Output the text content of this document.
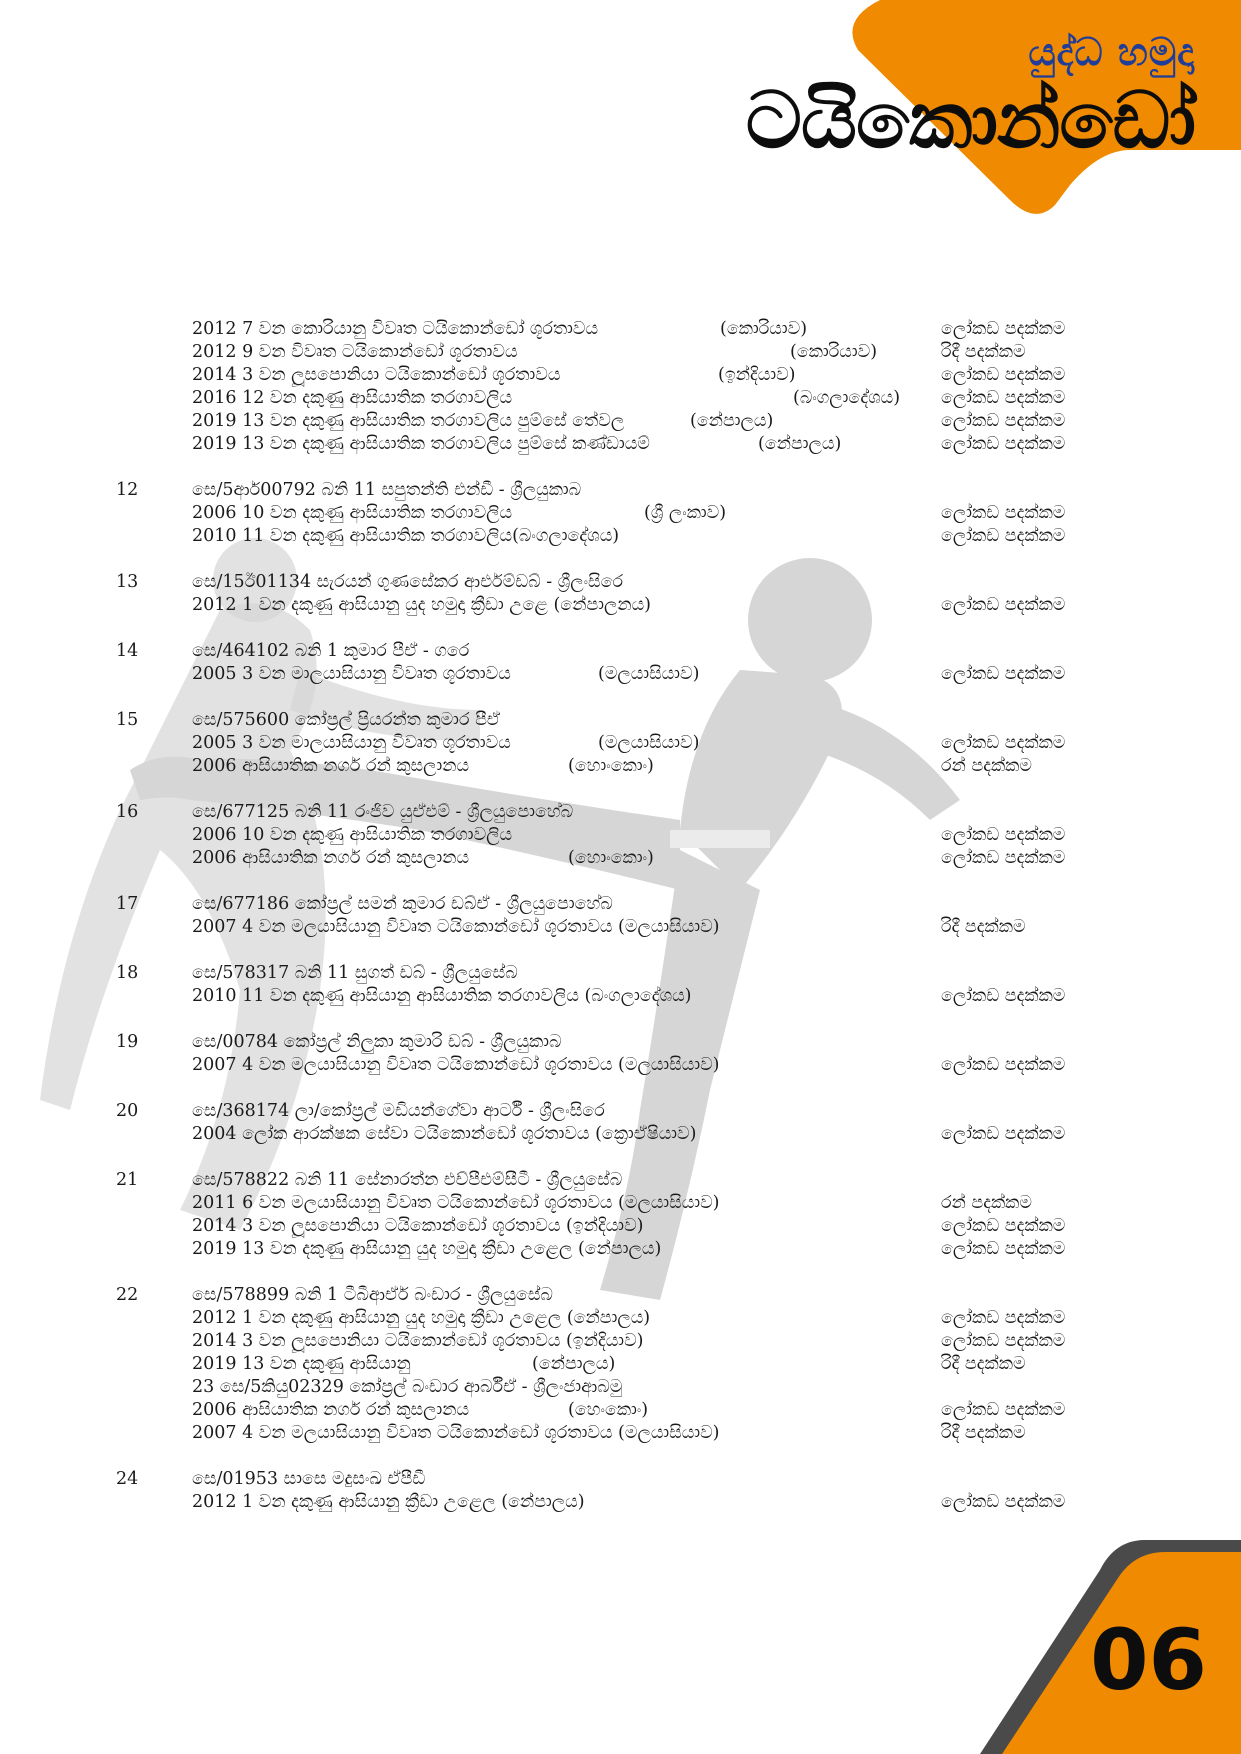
යුද්ධ හමුදා
ටයිකොන්ඩෝ
2012 7 වන කොරියානු විවෘත ටයිකොන්ඩෝ ශූරතාවය	(කොරියාව)	ලෝකඩ පදක්කම
2012 9 වන විවෘත ටයිකොන්ඩෝ ශූරතාවය	(කොරියාව)	රිදී පදක්කම
2014 3 වන ලූසපොනියා ටයිකොන්ඩෝ ශූරතාවය	(ඉන්දියාව)	ලෝකඩ පදක්කම
2016 12 වන දකුණු ආසියාතික තරගාවලිය	(බංගලාදේශය) ලෝකඩ පදක්කම
2019 13 වන දකුණු ආසියාතික තරගාවලිය පුම්සේ තේවල	(නේපාලය)	ලෝකඩ පදක්කම
2019 13 වන දකුණු ආසියාතික තරගාවලිය පුම්සේ කණ්ඩායම්	(නේපාලය)	ලෝකඩ පදක්කම
12	සෙ/5ආර්00792 බනි 11 සපුතන්ති එන්ඩී - ශ්‍රීලයුකාබ
2006 10 වන දකුණු ආසියාතික තරගාවලිය	(ශ්‍රී ලංකාව)	ලෝකඩ පදක්කම
2010 11 වන දකුණු ආසියාතික තරගාවලිය(බංගලාදේශය)	ලෝකඩ පදක්කම
13	සෙ/15ඊ01134 සැරයන් ගුණසේකර ආර්එම්ඩබ් - ශ්‍රීලංසිරෙ
2012 1 වන දකුණු ආසියානු යුද හමුදා ක්‍රීඩා උළෙ (නේපාලනය)	ලෝකඩ පදක්කම
14	සෙ/464102 බනි 1 කුමාර පීඒ - ගරෙ
2005 3 වන මාලයාසියානු විවෘත ශූරතාවය	(මලයාසියාව)	ලෝකඩ පදක්කම
15	සෙ/575600 කෝප්‍රල් ප්‍රියරන්ත කුමාර පීඒ
2005 3 වන මාලයාසියානු විවෘත ශූරතාවය	(මලයාසියාව)	ලෝකඩ පදක්කම
2006 ආසියාතික නගර් රන් කුසලානය	(හොංකොං)	රන් පදක්කම
16	සෙ/677125 බනි 11 රංජිව යුඒඑම් - ශ්‍රීලයුපොහේබ
2006 10 වන දකුණු ආසියාතික තරගාවලිය	ලෝකඩ පදක්කම
2006 ආසියාතික නගර් රන් කුසලානය	(හොංකොං)	ලෝකඩ පදක්කම
17	සෙ/677186 කෝප්‍රල් සමන් කුමාර ඩබ්ඒ - ශ්‍රීලයුපොහේබ
2007 4 වන මලයාසියානු විවෘත ටයිකොන්ඩෝ ශූරතාවය (මලයාසියාව)	රිදී පදක්කම
18	සෙ/578317 බනි 11 සුගත් ඩබ් - ශ්‍රීලයුසේබ
2010 11 වන දකුණු ආසියානු ආසියාතික තරගාවලිය (බංගලාදේශය)	ලෝකඩ පදක්කම
19	සෙ/00784 කෝප්‍රල් නිලුකා කුමාරි ඩබ් - ශ්‍රීලයුකාබ
2007 4 වන මලයාසියානු විවෘත ටයිකොන්ඩෝ ශූරතාවය (මලයාසියාව)	ලෝකඩ පදක්කම
20	සෙ/368174 ලා/කෝප්‍රල් මඩියන්ගේවා ආර්ටී - ශ්‍රීලංසිරෙ
2004 ලෝක ආරක්ෂක සේවා ටයිකොන්ඩෝ ශූරතාවය (ක්‍රොඒෂියාව)	ලෝකඩ පදක්කම
21	සෙ/578822 බනි 11 සේනාරත්න එච්පීඑම්සීටී - ශ්‍රීලයුසේබ
2011 6 වන මලයාසියානු විවෘත ටයිකොන්ඩෝ ශූරතාවය (මලයාසියාව)	රන් පදක්කම
2014 3 වන ලූසපොනියා ටයිකොන්ඩෝ ශූරතාවය (ඉන්දියාව)	ලෝකඩ පදක්කම
2019 13 වන දකුණු ආසියානු යුද හමුදා ක්‍රීඩා උළෙල (නේපාලය)	ලෝකඩ පදක්කම
22	සෙ/578899 බනි 1 ටීබීආර්ඒ බංඩාර - ශ්‍රීලයුසේබ
2012 1 වන දකුණු ආසියානු යුද හමුදා ක්‍රීඩා උළෙල (නේපාලය)	ලෝකඩ පදක්කම
2014 3 වන ලූසපොනියා ටයිකොන්ඩෝ ශූරතාවය (ඉන්දියාව)	ලෝකඩ පදක්කම
2019 13 වන දකුණු ආසියානු	(නේපාලය)	රිදී පදක්කම
23 සෙ/5කියු02329 කෝප්‍රල් බංඩාර ආර්බීඒ - ශ්‍රීලංජාආබමු
2006 ආසියාතික නගර් රන් කුසලානය	(හෙංකොං)	ලෝකඩ පදක්කම
2007 4 වන මලයාසියානු විවෘත ටයිකොන්ඩෝ ශූරතාවය (මලයාසියාව)	රිදී පදක්කම
24	සෙ/01953 සාසෙ මදුසංඛ ඒපීඩී
2012 1 වන දකුණු ආසියානු ක්‍රීඩා උළෙල (නේපාලය)	ලෝකඩ පදක්කම
06
